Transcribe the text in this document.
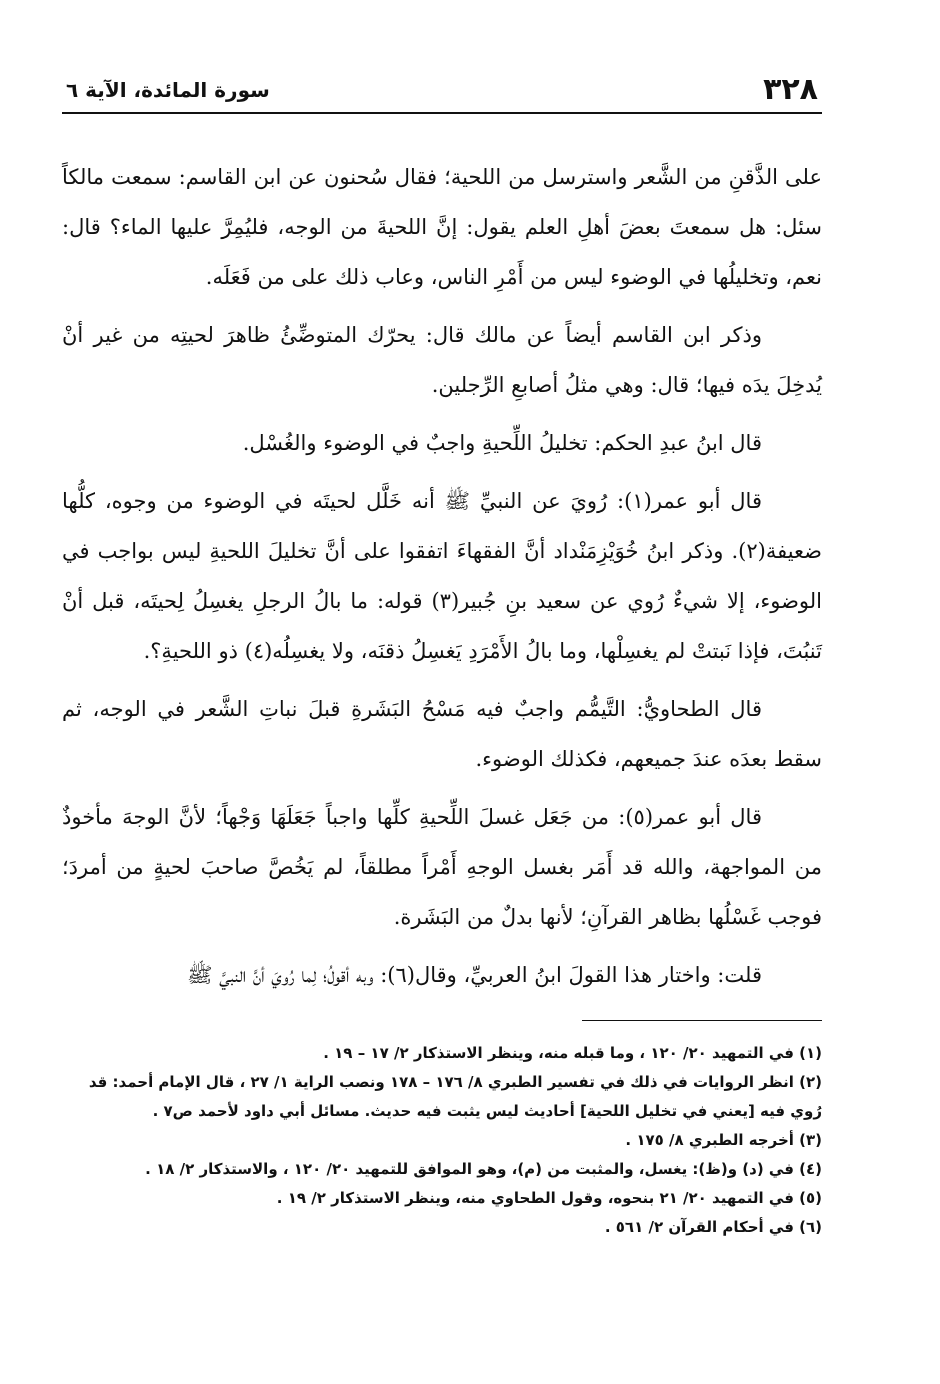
٣٢٨
سورة المائدة، الآية ٦

على الذَّقنِ من الشَّعر واسترسل من اللحية؛ فقال سُحنون عن ابن القاسم: سمعت مالكاً سئل: هل سمعتَ بعضَ أهلِ العلم يقول: إنَّ اللحيةَ من الوجه، فليُمِرَّ عليها الماء؟ قال: نعم، وتخليلُها في الوضوء ليس من أَمْرِ الناس، وعاب ذلك على من فَعَلَه.

وذكر ابن القاسم أيضاً عن مالك قال: يحرّك المتوضِّئُ ظاهرَ لحيتِه من غير أنْ يُدخِلَ يدَه فيها؛ قال: وهي مثلُ أصابعِ الرِّجلين.

قال ابنُ عبدِ الحكم: تخليلُ اللِّحيةِ واجبٌ في الوضوء والغُسْل.

قال أبو عمر(١): رُويَ عن النبيِّ ﷺ أنه خَلَّل لحيتَه في الوضوء من وجوه، كلُّها ضعيفة(٢). وذكر ابنُ خُوَيْزِمَنْداد أنَّ الفقهاءَ اتفقوا على أنَّ تخليلَ اللحيةِ ليس بواجب في الوضوء، إلا شيءٌ رُوي عن سعيد بنِ جُبير(٣) قوله: ما بالُ الرجلِ يغسِلُ لِحيتَه، قبل أنْ تَنبُتَ، فإذا نَبتتْ لم يغسِلْها، وما بالُ الأَمْرَدِ يَغسِلُ ذقنَه، ولا يغسِلُه(٤) ذو اللحيةِ؟.

قال الطحاويُّ: التَّيمُّم واجبٌ فيه مَسْحُ البَشَرةِ قبلَ نباتِ الشَّعر في الوجه، ثم سقط بعدَه عندَ جميعهم، فكذلك الوضوء.

قال أبو عمر(٥): من جَعَل غسلَ اللِّحيةِ كلِّها واجباً جَعَلَهَا وَجْهاً؛ لأنَّ الوجهَ مأخوذٌ من المواجهة، والله قد أَمَر بغسل الوجهِ أَمْراً مطلقاً، لم يَخُصَّ صاحبَ لحيةٍ من أمردَ؛ فوجب غَسْلُها بظاهر القرآنِ؛ لأنها بدلٌ من البَشَرة.

قلت: واختار هذا القولَ ابنُ العربيِّ، وقال(٦): وبه أقولُ؛ لِما رُويَ أنَّ النبيَّ ﷺ

(١) في التمهيد ٢٠/ ١٢٠ ، وما قبله منه، وينظر الاستذكار ٢/ ١٧ – ١٩ .

(٢) انظر الروايات في ذلك في تفسير الطبري ٨/ ١٧٦ – ١٧٨ ونصب الراية ١/ ٢٧ ، قال الإمام أحمد: قد رُوي فيه [يعني في تخليل اللحية] أحاديث ليس يثبت فيه حديث. مسائل أبي داود لأحمد ص٧ .

(٣) أخرجه الطبري ٨/ ١٧٥ .

(٤) في (د) و(ظ): يغسل، والمثبت من (م)، وهو الموافق للتمهيد ٢٠/ ١٢٠ ، والاستذكار ٢/ ١٨ .

(٥) في التمهيد ٢٠/ ٢١ بنحوه، وقول الطحاوي منه، وينظر الاستذكار ٢/ ١٩ .

(٦) في أحكام القرآن ٢/ ٥٦١ .
